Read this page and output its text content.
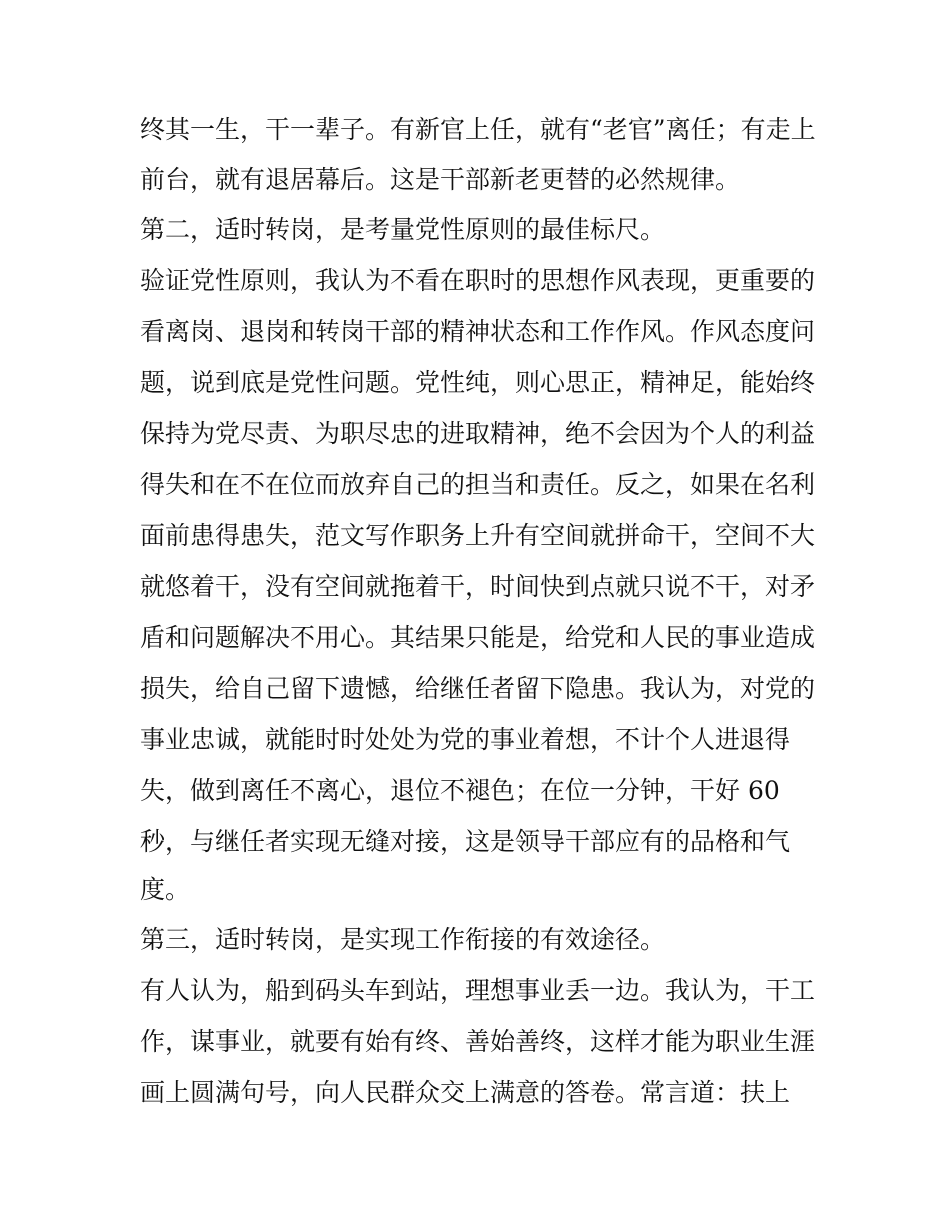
终其一生，干一辈子。有新官上任，就有“老官”离任；有走上
前台，就有退居幕后。这是干部新老更替的必然规律。
第二，适时转岗，是考量党性原则的最佳标尺。
验证党性原则，我认为不看在职时的思想作风表现，更重要的
看离岗、退岗和转岗干部的精神状态和工作作风。作风态度问
题，说到底是党性问题。党性纯，则心思正，精神足，能始终
保持为党尽责、为职尽忠的进取精神，绝不会因为个人的利益
得失和在不在位而放弃自己的担当和责任。反之，如果在名利
面前患得患失，范文写作职务上升有空间就拼命干，空间不大
就悠着干，没有空间就拖着干，时间快到点就只说不干，对矛
盾和问题解决不用心。其结果只能是，给党和人民的事业造成
损失，给自己留下遗憾，给继任者留下隐患。我认为，对党的
事业忠诚，就能时时处处为党的事业着想，不计个人进退得
失，做到离任不离心，退位不褪色；在位一分钟，干好 60
秒，与继任者实现无缝对接，这是领导干部应有的品格和气
度。
第三，适时转岗，是实现工作衔接的有效途径。
有人认为，船到码头车到站，理想事业丢一边。我认为，干工
作，谋事业，就要有始有终、善始善终，这样才能为职业生涯
画上圆满句号，向人民群众交上满意的答卷。常言道：扶上
